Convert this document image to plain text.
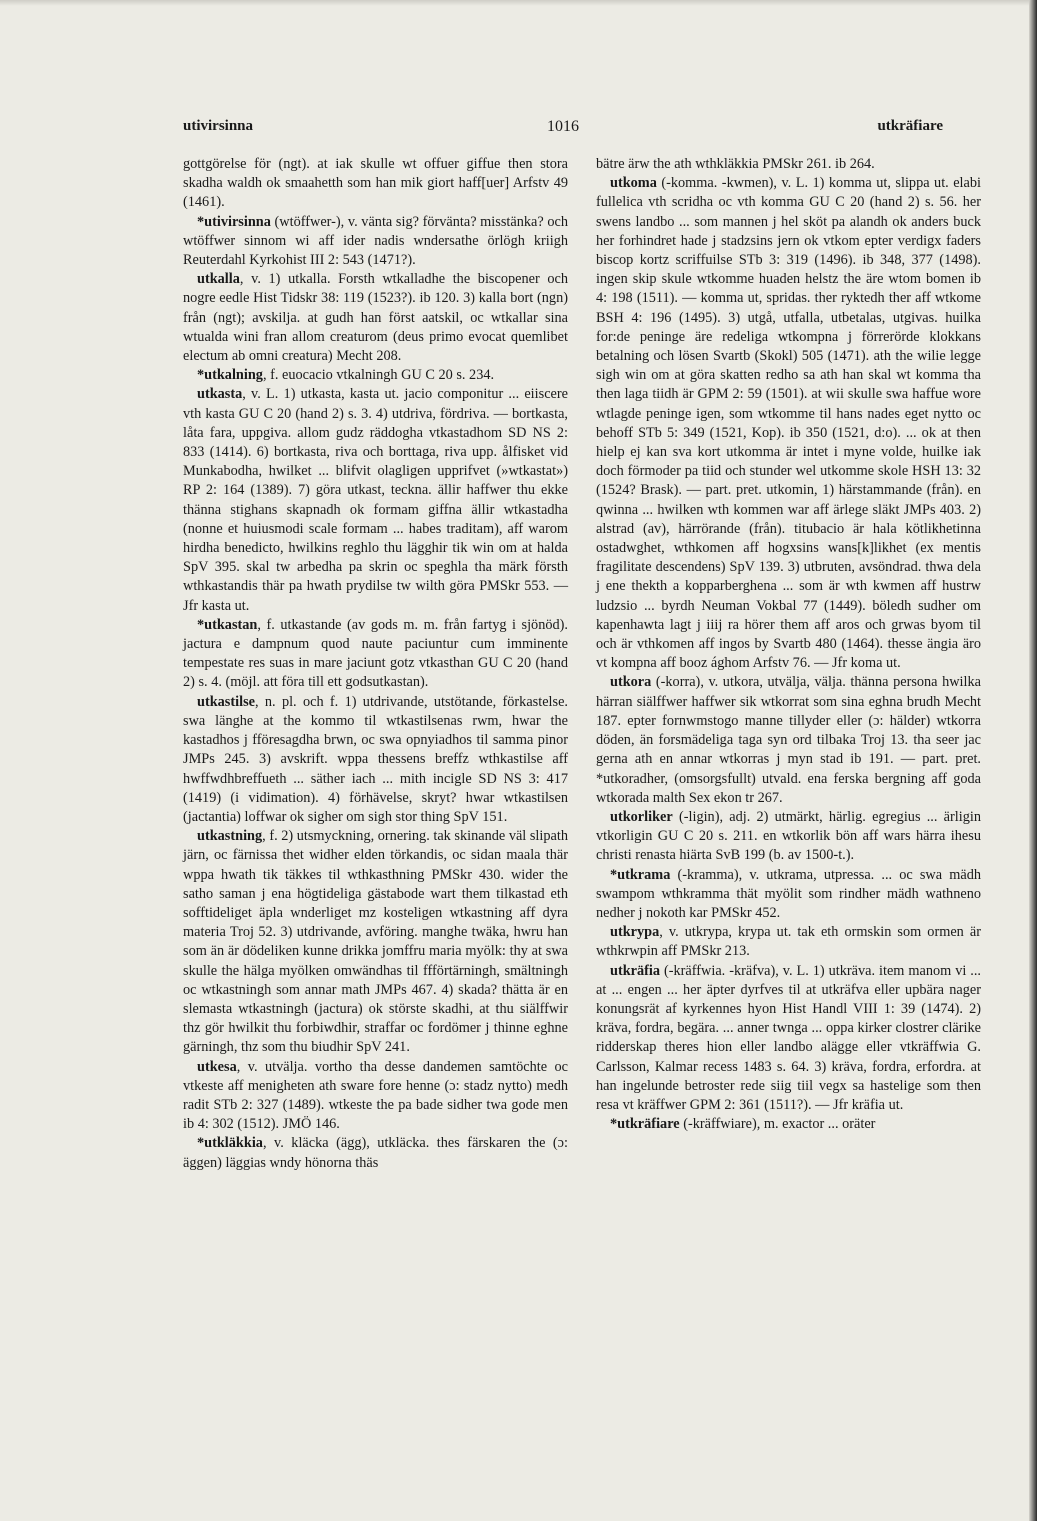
utivirsinna	1016	utkräfiare

gottgörelse för (ngt). at iak skulle wt offuer giffue then stora skadha waldh ok smaahetth som han mik giort haff[uer] Arfstv 49 (1461).

*utivirsinna (wtöffwer-), v. vänta sig? förvänta? misstänka? och wtöffwer sinnom wi aff ider nadis wndersathe örlögh kriigh Reuterdahl Kyrkohist III 2: 543 (1471?).

utkalla, v. 1) utkalla. Forsth wtkalladhe the biscopener och nogre eedle Hist Tidskr 38: 119 (1523?). ib 120. 3) kalla bort (ngn) från (ngt); avskilja. at gudh han först aatskil, oc wtkallar sina wtualda wini fran allom creaturom (deus primo evocat quemlibet electum ab omni creatura) Mecht 208.

*utkalning, f. euocacio vtkalningh GU C 20 s. 234.

utkasta, v. L. 1) utkasta, kasta ut. jacio componitur ... eiiscere vth kasta GU C 20 (hand 2) s. 3. 4) utdriva, fördriva. — bortkasta, låta fara, uppgiva. allom gudz räddogha vtkastadhom SD NS 2: 833 (1414). 6) bortkasta, riva och borttaga, riva upp. ålfisket vid Munkabodha, hwilket ... blifvit olagligen upprifvet (»wtkastat») RP 2: 164 (1389). 7) göra utkast, teckna. ällir haffwer thu ekke thänna stighans skapnadh ok formam giffna ällir wtkastadha (nonne et huiusmodi scale formam ... habes traditam), aff warom hirdha benedicto, hwilkins reghlo thu lägghir tik win om at halda SpV 395. skal tw arbedha pa skrin oc speghla tha märk försth wthkastandis thär pa hwath prydilse tw wilth göra PMSkr 553. — Jfr kasta ut.

*utkastan, f. utkastande (av gods m. m. från fartyg i sjönöd). jactura e dampnum quod naute paciuntur cum imminente tempestate res suas in mare jaciunt gotz vtkasthan GU C 20 (hand 2) s. 4. (möjl. att föra till ett godsutkastan).

utkastilse, n. pl. och f. 1) utdrivande, utstötande, förkastelse. swa länghe at the kommo til wtkastilsenas rwm, hwar the kastadhos j fföresagdha brwn, oc swa opnyiadhos til samma pinor JMPs 245. 3) avskrift. wppa thessens breffz wthkastilse aff hwffwdhbreffueth ... säther iach ... mith incigle SD NS 3: 417 (1419) (i vidimation). 4) förhävelse, skryt? hwar wtkastilsen (jactantia) loffwar ok sigher om sigh stor thing SpV 151.

utkastning, f. 2) utsmyckning, ornering. tak skinande väl slipath järn, oc färnissa thet widher elden törkandis, oc sidan maala thär wppa hwath tik täkkes til wthkasthning PMSkr 430. wider the satho saman j ena högtideliga gästabode wart them tilkastad eth sofftideliget äpla wnderliget mz kosteligen wtkastning aff dyra materia Troj 52. 3) utdrivande, avföring. manghe twäka, hwru han som än är dödeliken kunne drikka jomffru maria myölk: thy at swa skulle the hälga myölken omwändhas til ffförtärningh, smältningh oc wtkastningh som annar math JMPs 467. 4) skada? thätta är en slemasta wtkastningh (jactura) ok störste skadhi, at thu siälffwir thz gör hwilkit thu forbiwdhir, straffar oc fordömer j thinne eghne gärningh, thz som thu biudhir SpV 241.

utkesa, v. utvälja. vortho tha desse dandemen samtöchte oc vtkeste aff menigheten ath sware fore henne (ɔ: stadz nytto) medh radit STb 2: 327 (1489). wtkeste the pa bade sidher twa gode men ib 4: 302 (1512). JMÖ 146.

*utkläkkia, v. kläcka (ägg), utkläcka. thes färskaren the (ɔ: äggen) läggias wndy hönorna thäs

bätre ärw the ath wthkläkkia PMSkr 261. ib 264.

utkoma (-komma. -kwmen), v. L. 1) komma ut, slippa ut. elabi fullelica vth scridha oc vth komma GU C 20 (hand 2) s. 56. her swens landbo ... som mannen j hel sköt pa alandh ok anders buck her forhindret hade j stadzsins jern ok vtkom epter verdigx faders biscop kortz scriffuilse STb 3: 319 (1496). ib 348, 377 (1498). ingen skip skule wtkomme huaden helstz the äre wtom bomen ib 4: 198 (1511). — komma ut, spridas. ther ryktedh ther aff wtkome BSH 4: 196 (1495). 3) utgå, utfalla, utbetalas, utgivas. huilka for:de peninge äre redeliga wtkompna j förrerörde klokkans betalning och lösen Svartb (Skokl) 505 (1471). ath the wilie legge sigh win om at göra skatten redho sa ath han skal wt komma tha then laga tiidh är GPM 2: 59 (1501). at wii skulle swa haffue wore wtlagde peninge igen, som wtkomme til hans nades eget nytto oc behoff STb 5: 349 (1521, Kop). ib 350 (1521, d:o). ... ok at then hielp ej kan sva kort utkomma är intet i myne volde, huilke iak doch förmoder pa tiid och stunder wel utkomme skole HSH 13: 32 (1524? Brask). — part. pret. utkomin, 1) härstammande (från). en qwinna ... hwilken wth kommen war aff ärlege släkt JMPs 403. 2) alstrad (av), härrörande (från). titubacio är hala kötlikhetinna ostadwghet, wthkomen aff hogxsins wans[k]likhet (ex mentis fragilitate descendens) SpV 139. 3) utbruten, avsöndrad. thwa dela j ene thekth a kopparberghena ... som är wth kwmen aff hustrw ludzsio ... byrdh Neuman Vokbal 77 (1449). böledh sudher om kapenhawta lagt j iiij ra hörer them aff aros och grwas byom til och är vthkomen aff ingos by Svartb 480 (1464). thesse ängia äro vt kompna aff booz ághom Arfstv 76. — Jfr koma ut.

utkora (-korra), v. utkora, utvälja, välja. thänna persona hwilka härran siälffwer haffwer sik wtkorrat som sina eghna brudh Mecht 187. epter fornwmstogo manne tillyder eller (ɔ: hälder) wtkorra döden, än forsmädeliga taga syn ord tilbaka Troj 13. tha seer jac gerna ath en annar wtkorras j myn stad ib 191. — part. pret. *utkoradher, (omsorgsfullt) utvald. ena ferska bergning aff goda wtkorada malth Sex ekon tr 267.

utkorliker (-ligin), adj. 2) utmärkt, härlig. egregius ... ärligin vtkorligin GU C 20 s. 211. en wtkorlik bön aff wars härra ihesu christi renasta hiärta SvB 199 (b. av 1500-t.).

*utkrama (-kramma), v. utkrama, utpressa. ... oc swa mädh swampom wthkramma thät myölit som rindher mädh wathneno nedher j nokoth kar PMSkr 452.

utkrypa, v. utkrypa, krypa ut. tak eth ormskin som ormen är wthkrwpin aff PMSkr 213.

utkräfia (-kräffwia. -kräfva), v. L. 1) utkräva. item manom vi ... at ... engen ... her äpter dyrfves til at utkräfva eller upbära nager konungsrät af kyrkennes hyon Hist Handl VIII 1: 39 (1474). 2) kräva, fordra, begära. ... anner twnga ... oppa kirker clostrer clärike ridderskap theres hion eller landbo alägge eller vtkräffwia G. Carlsson, Kalmar recess 1483 s. 64. 3) kräva, fordra, erfordra. at han ingelunde betroster rede siig tiil vegx sa hastelige som then resa vt kräffwer GPM 2: 361 (1511?). — Jfr kräfia ut.

*utkräfiare (-kräffwiare), m. exactor ... oräter
